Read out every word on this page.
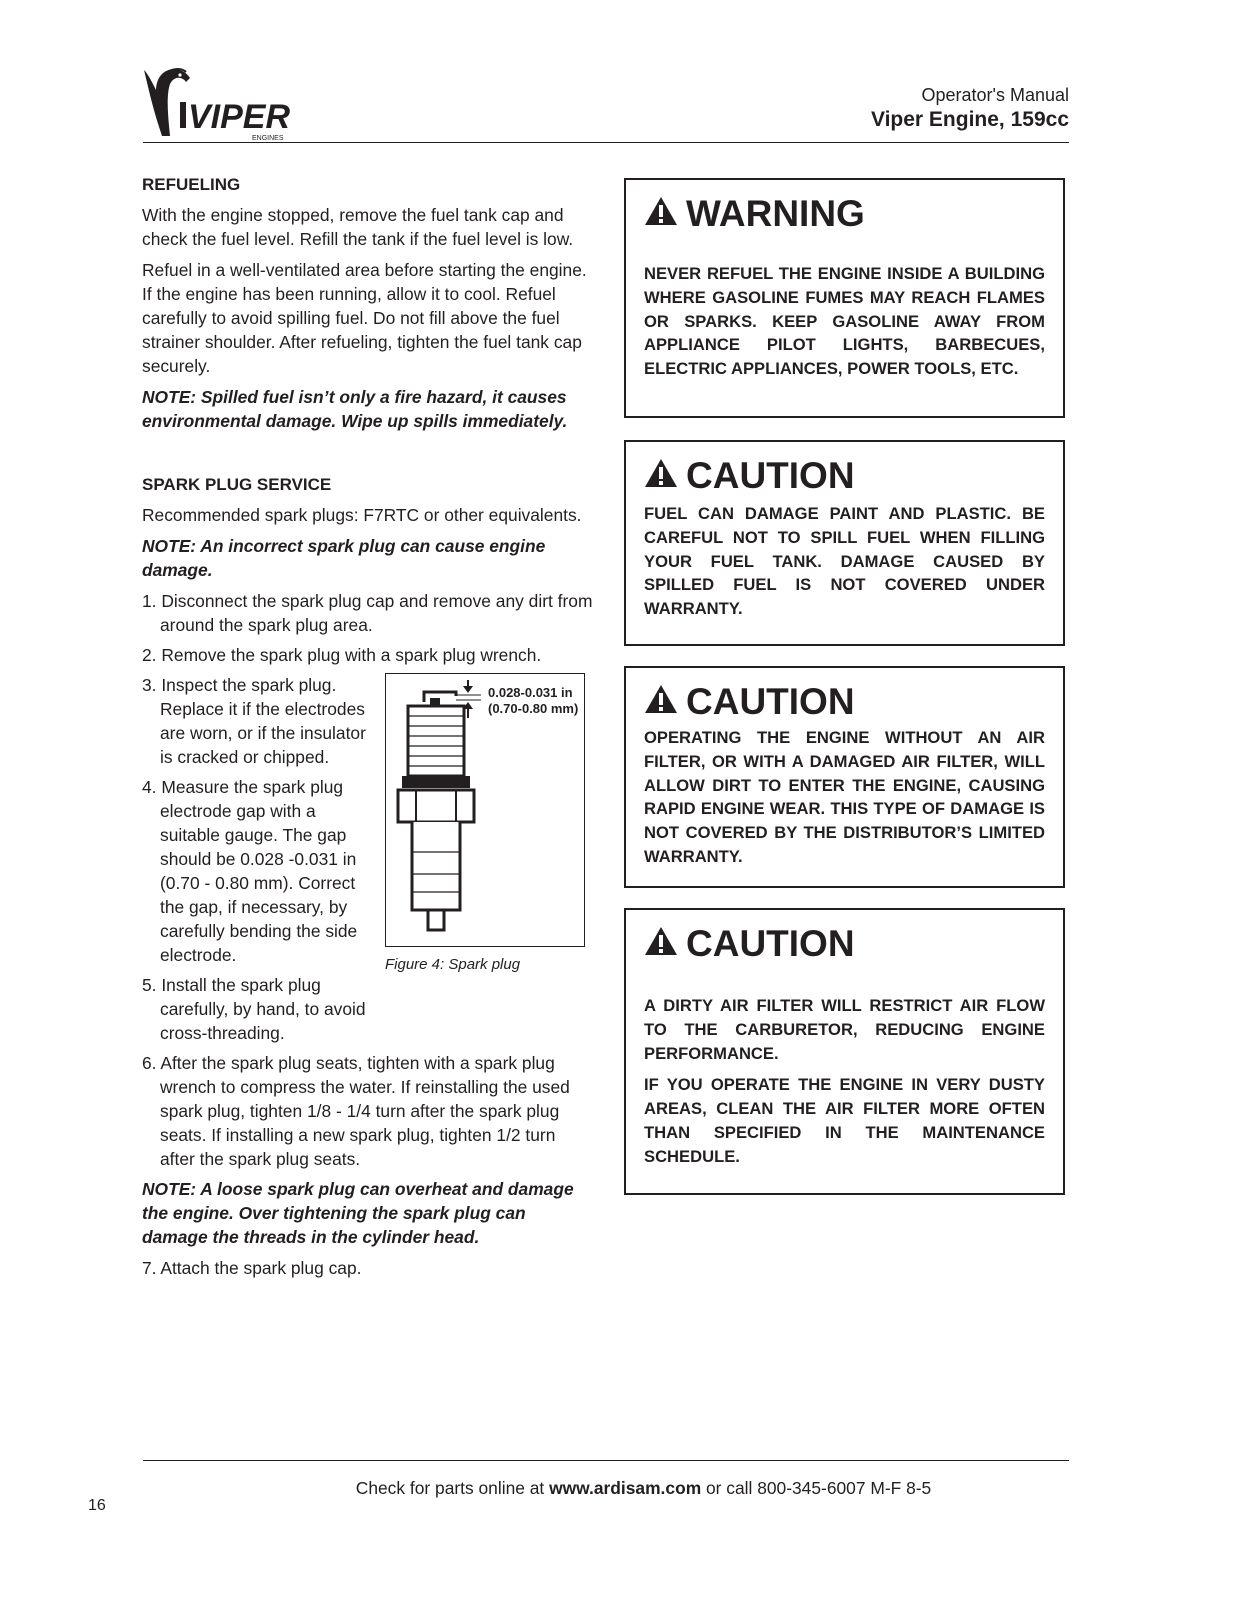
VIPER
ENGINES
Operator's Manual
Viper Engine, 159cc
REFUELING

With the engine stopped, remove the fuel tank cap and check the fuel level. Refill the tank if the fuel level is low.

Refuel in a well-ventilated area before starting the engine. If the engine has been running, allow it to cool. Refuel carefully to avoid spilling fuel. Do not fill above the fuel strainer shoulder. After refueling, tighten the fuel tank cap securely.

NOTE: Spilled fuel isn’t only a fire hazard, it causes environmental damage. Wipe up spills immediately.

SPARK PLUG SERVICE

Recommended spark plugs: F7RTC or other equivalents.

NOTE: An incorrect spark plug can cause engine damage.

1. Disconnect the spark plug cap and remove any dirt from around the spark plug area.
2. Remove the spark plug with a spark plug wrench.
3. Inspect the spark plug. Replace it if the electrodes are worn, or if the insulator is cracked or chipped.
4. Measure the spark plug electrode gap with a suitable gauge. The gap should be 0.028 -0.031 in (0.70 - 0.80 mm). Correct the gap, if necessary, by carefully bending the side electrode.
5. Install the spark plug carefully, by hand, to avoid cross-threading.
0.028-0.031 in
(0.70-0.80 mm)
Figure 4: Spark plug
6. After the spark plug seats, tighten with a spark plug wrench to compress the water. If reinstalling the used spark plug, tighten 1/8 - 1/4 turn after the spark plug seats. If installing a new spark plug, tighten 1/2 turn after the spark plug seats.

NOTE: A loose spark plug can overheat and damage the engine. Over tightening the spark plug can damage the threads in the cylinder head.

7. Attach the spark plug cap.
WARNING

NEVER REFUEL THE ENGINE INSIDE A BUILDING WHERE GASOLINE FUMES MAY REACH FLAMES OR SPARKS. KEEP GASOLINE AWAY FROM APPLIANCE PILOT LIGHTS, BARBECUES, ELECTRIC APPLIANCES, POWER TOOLS, ETC.

CAUTION

FUEL CAN DAMAGE PAINT AND PLASTIC. BE CAREFUL NOT TO SPILL FUEL WHEN FILLING YOUR FUEL TANK. DAMAGE CAUSED BY SPILLED FUEL IS NOT COVERED UNDER WARRANTY.

CAUTION

OPERATING THE ENGINE WITHOUT AN AIR FILTER, OR WITH A DAMAGED AIR FILTER, WILL ALLOW DIRT TO ENTER THE ENGINE, CAUSING RAPID ENGINE WEAR. THIS TYPE OF DAMAGE IS NOT COVERED BY THE DISTRIBUTOR’S LIMITED WARRANTY.

CAUTION

A DIRTY AIR FILTER WILL RESTRICT AIR FLOW TO THE CARBURETOR, REDUCING ENGINE PERFORMANCE.

IF YOU OPERATE THE ENGINE IN VERY DUSTY AREAS, CLEAN THE AIR FILTER MORE OFTEN THAN SPECIFIED IN THE MAINTENANCE SCHEDULE.

Check for parts online at www.ardisam.com or call 800-345-6007 M-F 8-5
16
